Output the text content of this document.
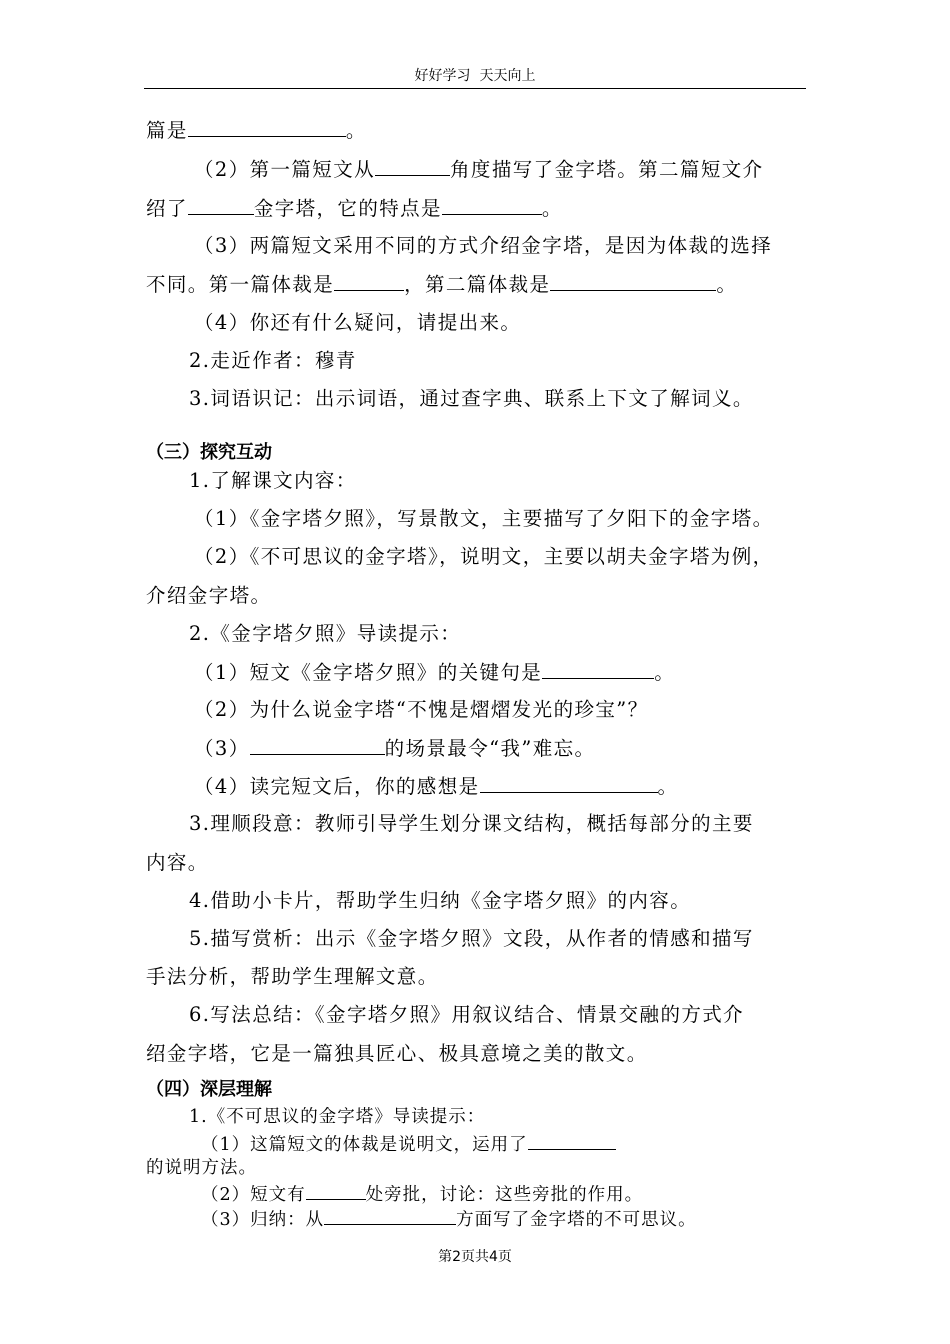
好好学习  天天向上
篇是	。
（2）第一篇短文从	角度描写了金字塔。第二篇短文介
绍了	金字塔，它的特点是	。
（3）两篇短文采用不同的方式介绍金字塔，是因为体裁的选择
不同。第一篇体裁是	，第二篇体裁是	。
（4）你还有什么疑问，请提出来。
2.走近作者：穆青
3.词语识记：出示词语，通过查字典、联系上下文了解词义。
（三）探究互动
1.了解课文内容：
（1）《金字塔夕照》，写景散文，主要描写了夕阳下的金字塔。
（2）《不可思议的金字塔》，说明文，主要以胡夫金字塔为例，
介绍金字塔。
2.《金字塔夕照》导读提示：
（1）短文《金字塔夕照》的关键句是	。
（2）为什么说金字塔“不愧是熠熠发光的珍宝”？
（3）	的场景最令“我”难忘。
（4）读完短文后，你的感想是	。
3.理顺段意：教师引导学生划分课文结构，概括每部分的主要
内容。
4.借助小卡片，帮助学生归纳《金字塔夕照》的内容。
5.描写赏析：出示《金字塔夕照》文段，从作者的情感和描写
手法分析，帮助学生理解文意。
6.写法总结：《金字塔夕照》用叙议结合、情景交融的方式介
绍金字塔，它是一篇独具匠心、极具意境之美的散文。
（四）深层理解
1.《不可思议的金字塔》导读提示：
（1）这篇短文的体裁是说明文，运用了
的说明方法。
（2）短文有	处旁批，讨论：这些旁批的作用。
（3）归纳：从	方面写了金字塔的不可思议。
第2页共4页
